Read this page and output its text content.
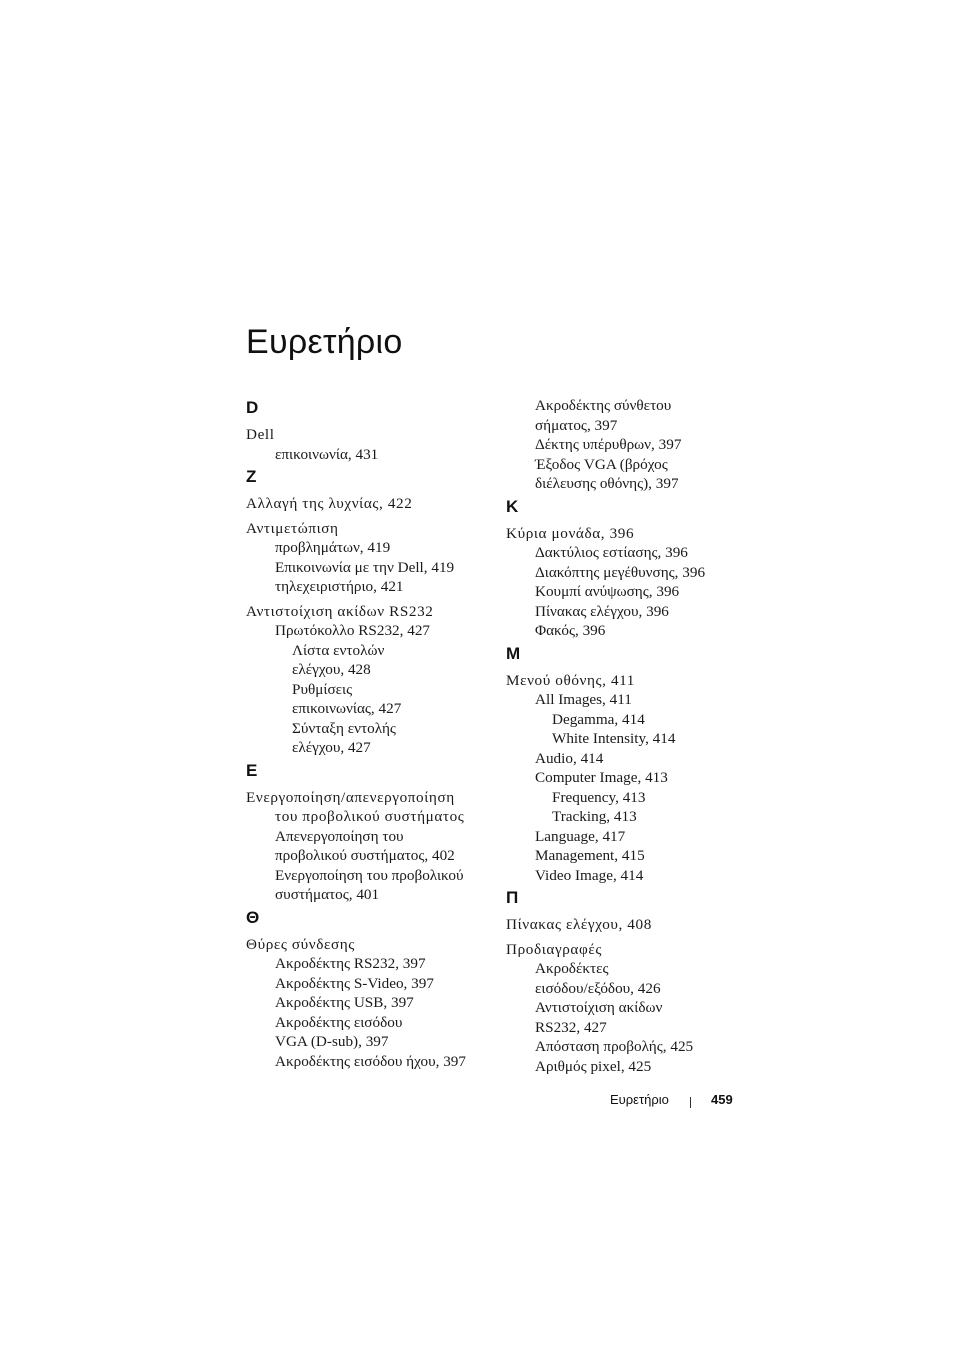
Ευρετήριο
D
Dell
επικοινωνία, 431
Z
Αλλαγή της λυχνίας, 422
Αντιμετώπιση
προβλημάτων, 419
Επικοινωνία με την Dell, 419
τηλεχειριστήριο, 421
Αντιστοίχιση ακίδων RS232
Πρωτόκολλο RS232, 427
Λίστα εντολών
ελέγχου, 428
Ρυθμίσεις
επικοινωνίας, 427
Σύνταξη εντολής
ελέγχου, 427
E
Ενεργοποίηση/απενεργοποίηση
του προβολικού συστήματος
Απενεργοποίηση του
προβολικού συστήματος, 402
Ενεργοποίηση του προβολικού
συστήματος, 401
Θ
Θύρες σύνδεσης
Ακροδέκτης RS232, 397
Ακροδέκτης S-Video, 397
Ακροδέκτης USB, 397
Ακροδέκτης εισόδου
VGA (D-sub), 397
Ακροδέκτης εισόδου ήχου, 397
Ακροδέκτης σύνθετου
σήματος, 397
Δέκτης υπέρυθρων, 397
Έξοδος VGA (βρόχος
διέλευσης οθόνης), 397
K
Κύρια μονάδα, 396
Δακτύλιος εστίασης, 396
Διακόπτης μεγέθυνσης, 396
Κουμπί ανύψωσης, 396
Πίνακας ελέγχου, 396
Φακός, 396
M
Μενού οθόνης, 411
All Images, 411
Degamma, 414
White Intensity, 414
Audio, 414
Computer Image, 413
Frequency, 413
Tracking, 413
Language, 417
Management, 415
Video Image, 414
Π
Πίνακας ελέγχου, 408
Προδιαγραφές
Ακροδέκτες
εισόδου/εξόδου, 426
Αντιστοίχιση ακίδων
RS232, 427
Απόσταση προβολής, 425
Αριθμός pixel, 425
Ευρετήριο	459
